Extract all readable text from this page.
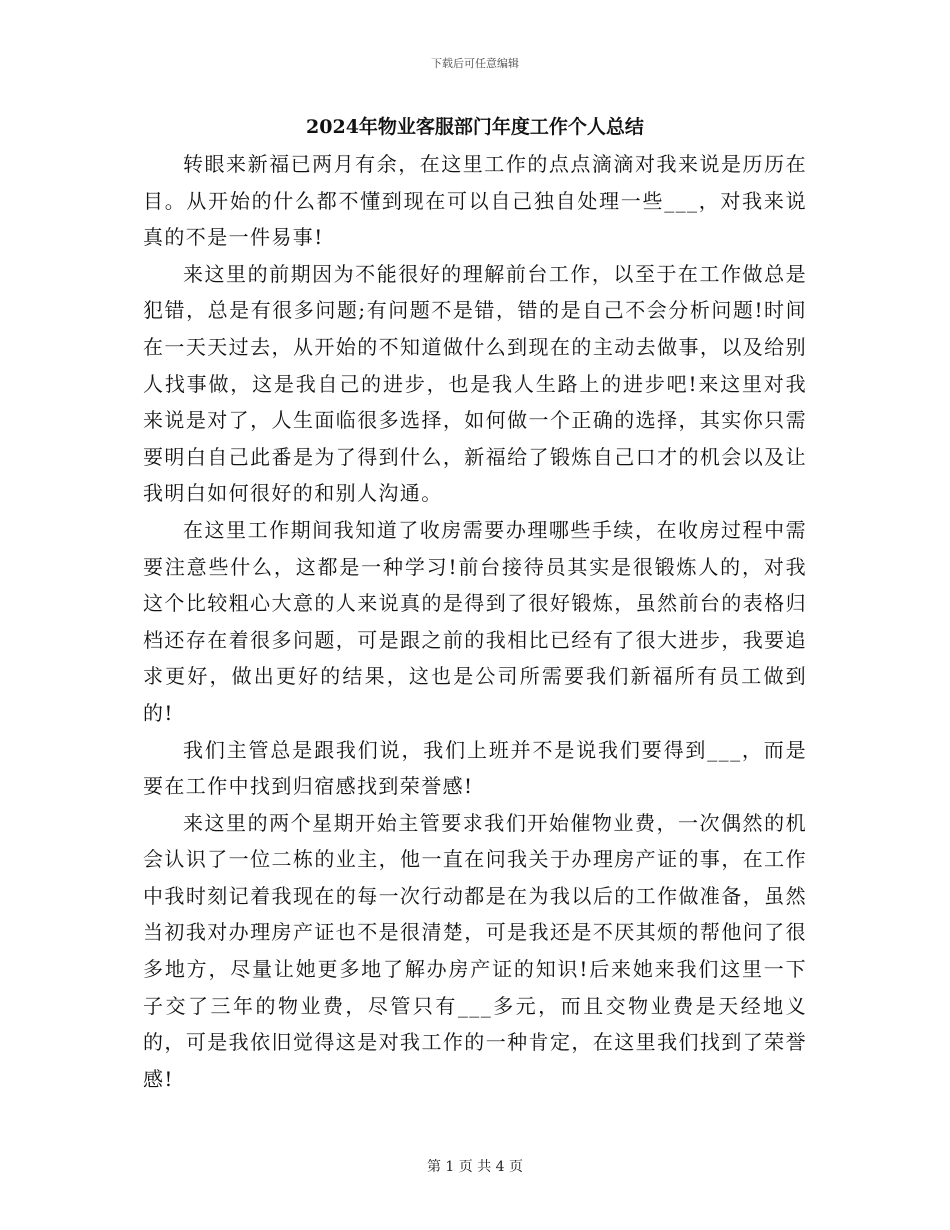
下载后可任意编辑
2024年物业客服部门年度工作个人总结

转眼来新福已两月有余，在这里工作的点点滴滴对我来说是历历在目。从开始的什么都不懂到现在可以自己独自处理一些___，对我来说真的不是一件易事!

来这里的前期因为不能很好的理解前台工作，以至于在工作做总是犯错，总是有很多问题;有问题不是错，错的是自己不会分析问题!时间在一天天过去，从开始的不知道做什么到现在的主动去做事，以及给别人找事做，这是我自己的进步，也是我人生路上的进步吧!来这里对我来说是对了，人生面临很多选择，如何做一个正确的选择，其实你只需要明白自己此番是为了得到什么，新福给了锻炼自己口才的机会以及让我明白如何很好的和别人沟通。

在这里工作期间我知道了收房需要办理哪些手续，在收房过程中需要注意些什么，这都是一种学习!前台接待员其实是很锻炼人的，对我这个比较粗心大意的人来说真的是得到了很好锻炼，虽然前台的表格归档还存在着很多问题，可是跟之前的我相比已经有了很大进步，我要追求更好，做出更好的结果，这也是公司所需要我们新福所有员工做到的!

我们主管总是跟我们说，我们上班并不是说我们要得到___，而是要在工作中找到归宿感找到荣誉感!

来这里的两个星期开始主管要求我们开始催物业费，一次偶然的机会认识了一位二栋的业主，他一直在问我关于办理房产证的事，在工作中我时刻记着我现在的每一次行动都是在为我以后的工作做准备，虽然当初我对办理房产证也不是很清楚，可是我还是不厌其烦的帮他问了很多地方，尽量让她更多地了解办房产证的知识!后来她来我们这里一下子交了三年的物业费，尽管只有___多元，而且交物业费是天经地义的，可是我依旧觉得这是对我工作的一种肯定，在这里我们找到了荣誉感!

第 1 页 共 4 页
